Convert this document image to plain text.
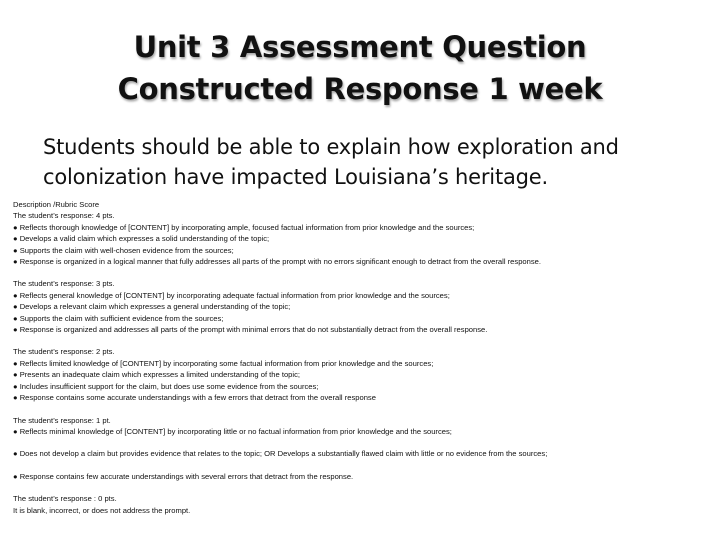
Unit 3 Assessment Question
Constructed Response 1 week
Students should be able to explain how exploration and
colonization have impacted Louisiana’s heritage.
Description /Rubric Score
The student’s response: 4 pts.
● Reflects thorough knowledge of [CONTENT] by incorporating ample, focused factual information from prior knowledge and the sources;
● Develops a valid claim which expresses a solid understanding of the topic;
● Supports the claim with well-chosen evidence from the sources;
● Response is organized in a logical manner that fully addresses all parts of the prompt with no errors significant enough to detract from the overall response.
The student’s response: 3 pts.
● Reflects general knowledge of [CONTENT] by incorporating adequate factual information from prior knowledge and the sources;
● Develops a relevant claim which expresses a general understanding of the topic;
● Supports the claim with sufficient evidence from the sources;
● Response is organized and addresses all parts of the prompt with minimal errors that do not substantially detract from the overall response.
The student’s response: 2 pts.
● Reflects limited knowledge of [CONTENT] by incorporating some factual information from prior knowledge and the sources;
● Presents an inadequate claim which expresses a limited understanding of the topic;
● Includes insufficient support for the claim, but does use some evidence from the sources;
● Response contains some accurate understandings with a few errors that detract from the overall response
The student’s response: 1 pt.
● Reflects minimal knowledge of [CONTENT] by incorporating little or no factual information from prior knowledge and the sources;
● Does not develop a claim but provides evidence that relates to the topic; OR Develops a substantially flawed claim with little or no evidence from the sources;
● Response contains few accurate understandings with several errors that detract from the response.
The student’s response : 0 pts.
It is blank, incorrect, or does not address the prompt.
